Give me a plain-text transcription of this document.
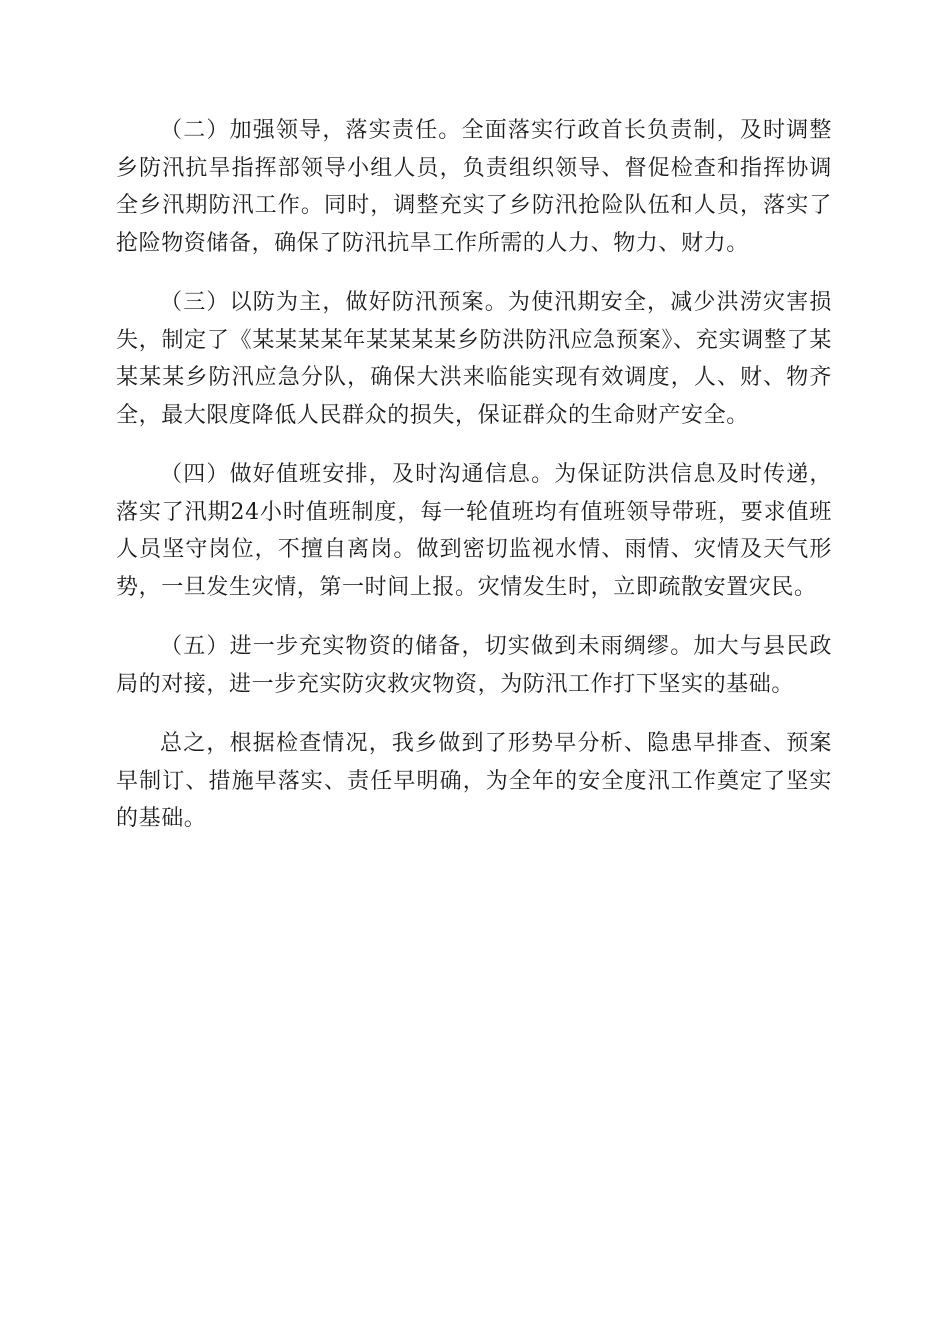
（二）加强领导，落实责任。全面落实行政首长负责制，及时调整乡防汛抗旱指挥部领导小组人员，负责组织领导、督促检查和指挥协调全乡汛期防汛工作。同时，调整充实了乡防汛抢险队伍和人员，落实了抢险物资储备，确保了防汛抗旱工作所需的人力、物力、财力。

（三）以防为主，做好防汛预案。为使汛期安全，减少洪涝灾害损失，制定了《某某某某年某某某某乡防洪防汛应急预案》、充实调整了某某某某乡防汛应急分队，确保大洪来临能实现有效调度，人、财、物齐全，最大限度降低人民群众的损失，保证群众的生命财产安全。

（四）做好值班安排，及时沟通信息。为保证防洪信息及时传递，落实了汛期24小时值班制度，每一轮值班均有值班领导带班，要求值班人员坚守岗位，不擅自离岗。做到密切监视水情、雨情、灾情及天气形势，一旦发生灾情，第一时间上报。灾情发生时，立即疏散安置灾民。

（五）进一步充实物资的储备，切实做到未雨绸缪。加大与县民政局的对接，进一步充实防灾救灾物资，为防汛工作打下坚实的基础。

总之，根据检查情况，我乡做到了形势早分析、隐患早排查、预案早制订、措施早落实、责任早明确，为全年的安全度汛工作奠定了坚实的基础。
